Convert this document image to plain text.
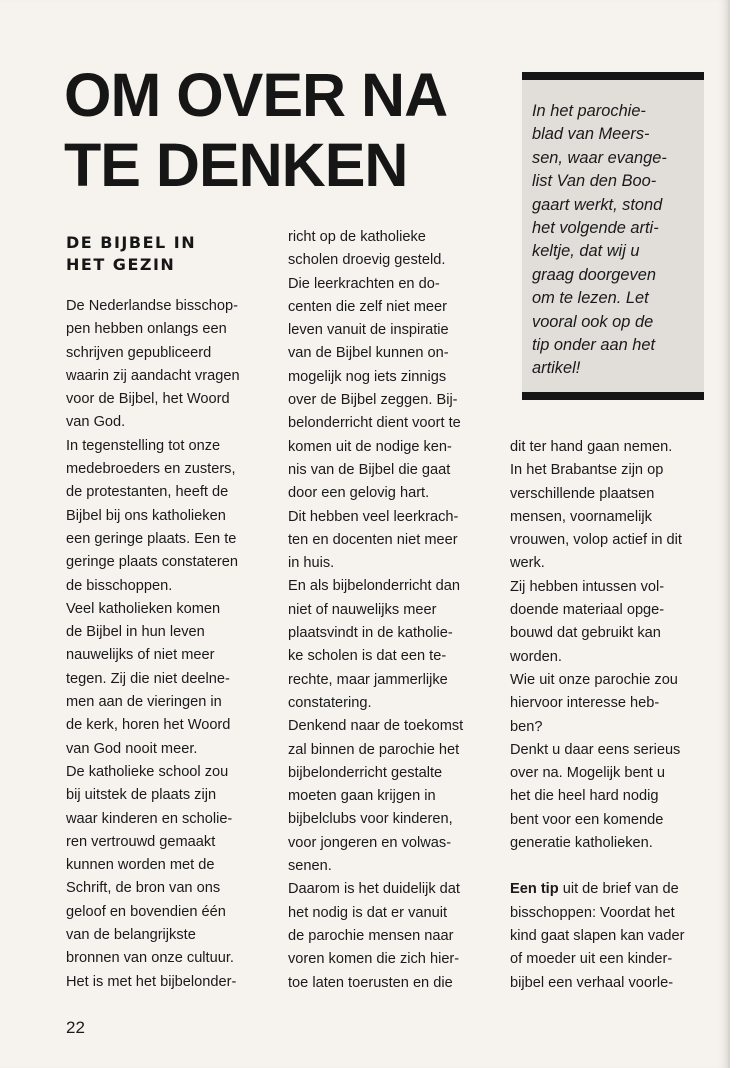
OM OVER NA
TE DENKEN
DE BIJBEL IN
HET GEZIN
In het parochie-
blad van Meers-
sen, waar evange-
list Van den Boo-
gaart werkt, stond
het volgende arti-
keltje, dat wij u
graag doorgeven
om te lezen. Let
vooral ook op de
tip onder aan het
artikel!
De Nederlandse bisschop-
pen hebben onlangs een
schrijven gepubliceerd
waarin zij aandacht vragen
voor de Bijbel, het Woord
van God.
In tegenstelling tot onze
medebroeders en zusters,
de protestanten, heeft de
Bijbel bij ons katholieken
een geringe plaats. Een te
geringe plaats constateren
de bisschoppen.
Veel katholieken komen
de Bijbel in hun leven
nauwelijks of niet meer
tegen. Zij die niet deelne-
men aan de vieringen in
de kerk, horen het Woord
van God nooit meer.
De katholieke school zou
bij uitstek de plaats zijn
waar kinderen en scholie-
ren vertrouwd gemaakt
kunnen worden met de
Schrift, de bron van ons
geloof en bovendien één
van de belangrijkste
bronnen van onze cultuur.
Het is met het bijbelonder-
richt op de katholieke
scholen droevig gesteld.
Die leerkrachten en do-
centen die zelf niet meer
leven vanuit de inspiratie
van de Bijbel kunnen on-
mogelijk nog iets zinnigs
over de Bijbel zeggen. Bij-
belonderricht dient voort te
komen uit de nodige ken-
nis van de Bijbel die gaat
door een gelovig hart.
Dit hebben veel leerkrach-
ten en docenten niet meer
in huis.
En als bijbelonderricht dan
niet of nauwelijks meer
plaatsvindt in de katholie-
ke scholen is dat een te-
rechte, maar jammerlijke
constatering.
Denkend naar de toekomst
zal binnen de parochie het
bijbelonderricht gestalte
moeten gaan krijgen in
bijbelclubs voor kinderen,
voor jongeren en volwas-
senen.
Daarom is het duidelijk dat
het nodig is dat er vanuit
de parochie mensen naar
voren komen die zich hier-
toe laten toerusten en die
dit ter hand gaan nemen.
In het Brabantse zijn op
verschillende plaatsen
mensen, voornamelijk
vrouwen, volop actief in dit
werk.
Zij hebben intussen vol-
doende materiaal opge-
bouwd dat gebruikt kan
worden.
Wie uit onze parochie zou
hiervoor interesse heb-
ben?
Denkt u daar eens serieus
over na. Mogelijk bent u
het die heel hard nodig
bent voor een komende
generatie katholieken.
Een tip uit de brief van de
bisschoppen: Voordat het
kind gaat slapen kan vader
of moeder uit een kinder-
bijbel een verhaal voorle-
22
